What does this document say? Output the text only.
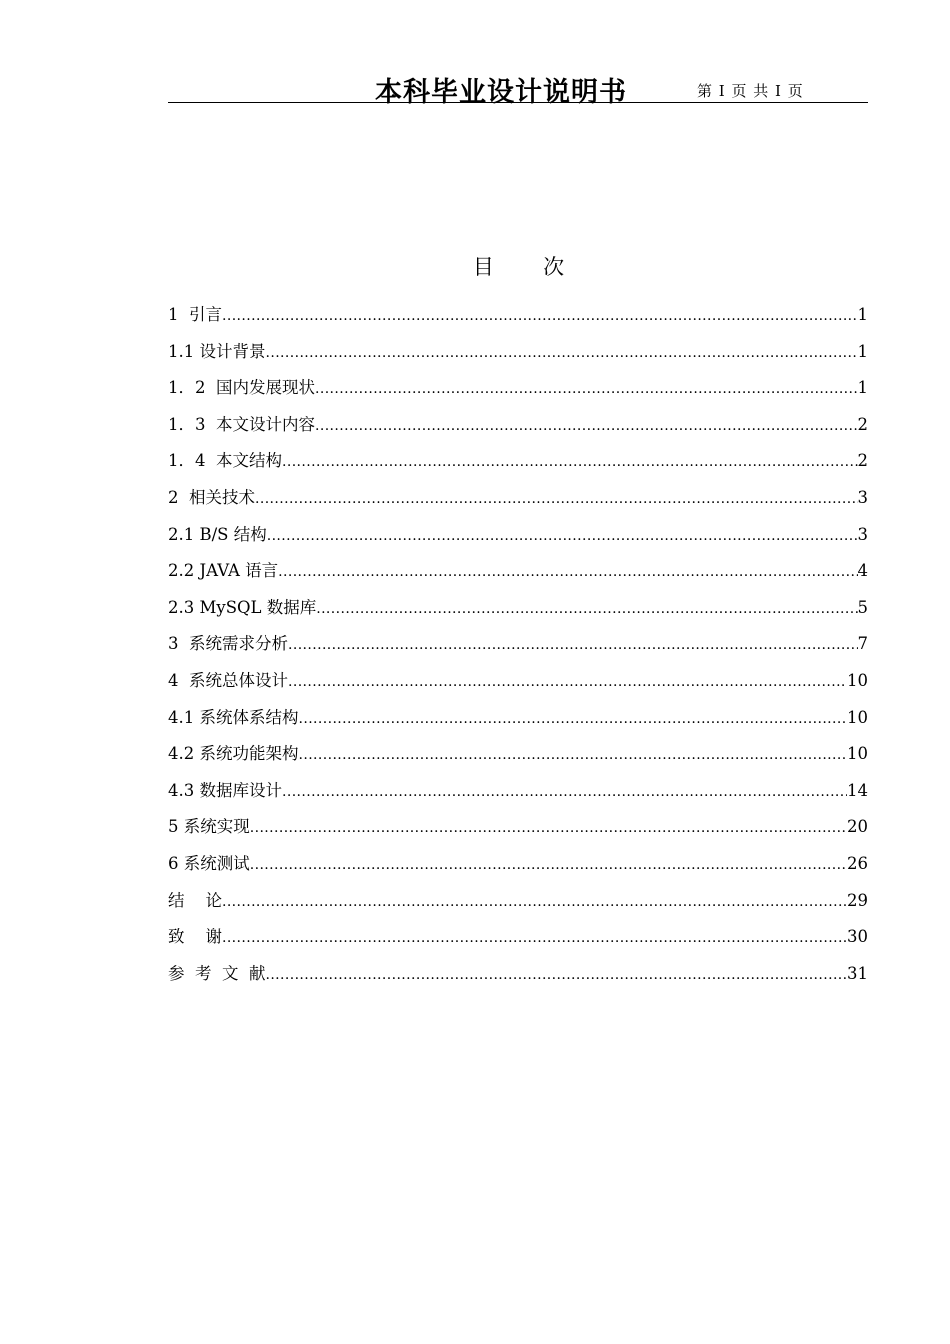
本科毕业设计说明书	第 I 页 共 I 页
目  次
1  引言 .....	1
1.1 设计背景 .....	1
1．2  国内发展现状 .....	1
1．3  本文设计内容 .....	2
1．4  本文结构 .....	2
2  相关技术 .....	3
2.1 B/S 结构 .....	3
2.2 JAVA 语言 .....	4
2.3 MySQL 数据库 .....	5
3  系统需求分析 .....	7
4  系统总体设计 .....	10
4.1 系统体系结构 .....	10
4.2 系统功能架构 .....	10
4.3 数据库设计 .....	14
5 系统实现 .....	20
6 系统测试 .....	26
结    论 .....	29
致    谢 .....	30
参  考  文  献 .....	31
